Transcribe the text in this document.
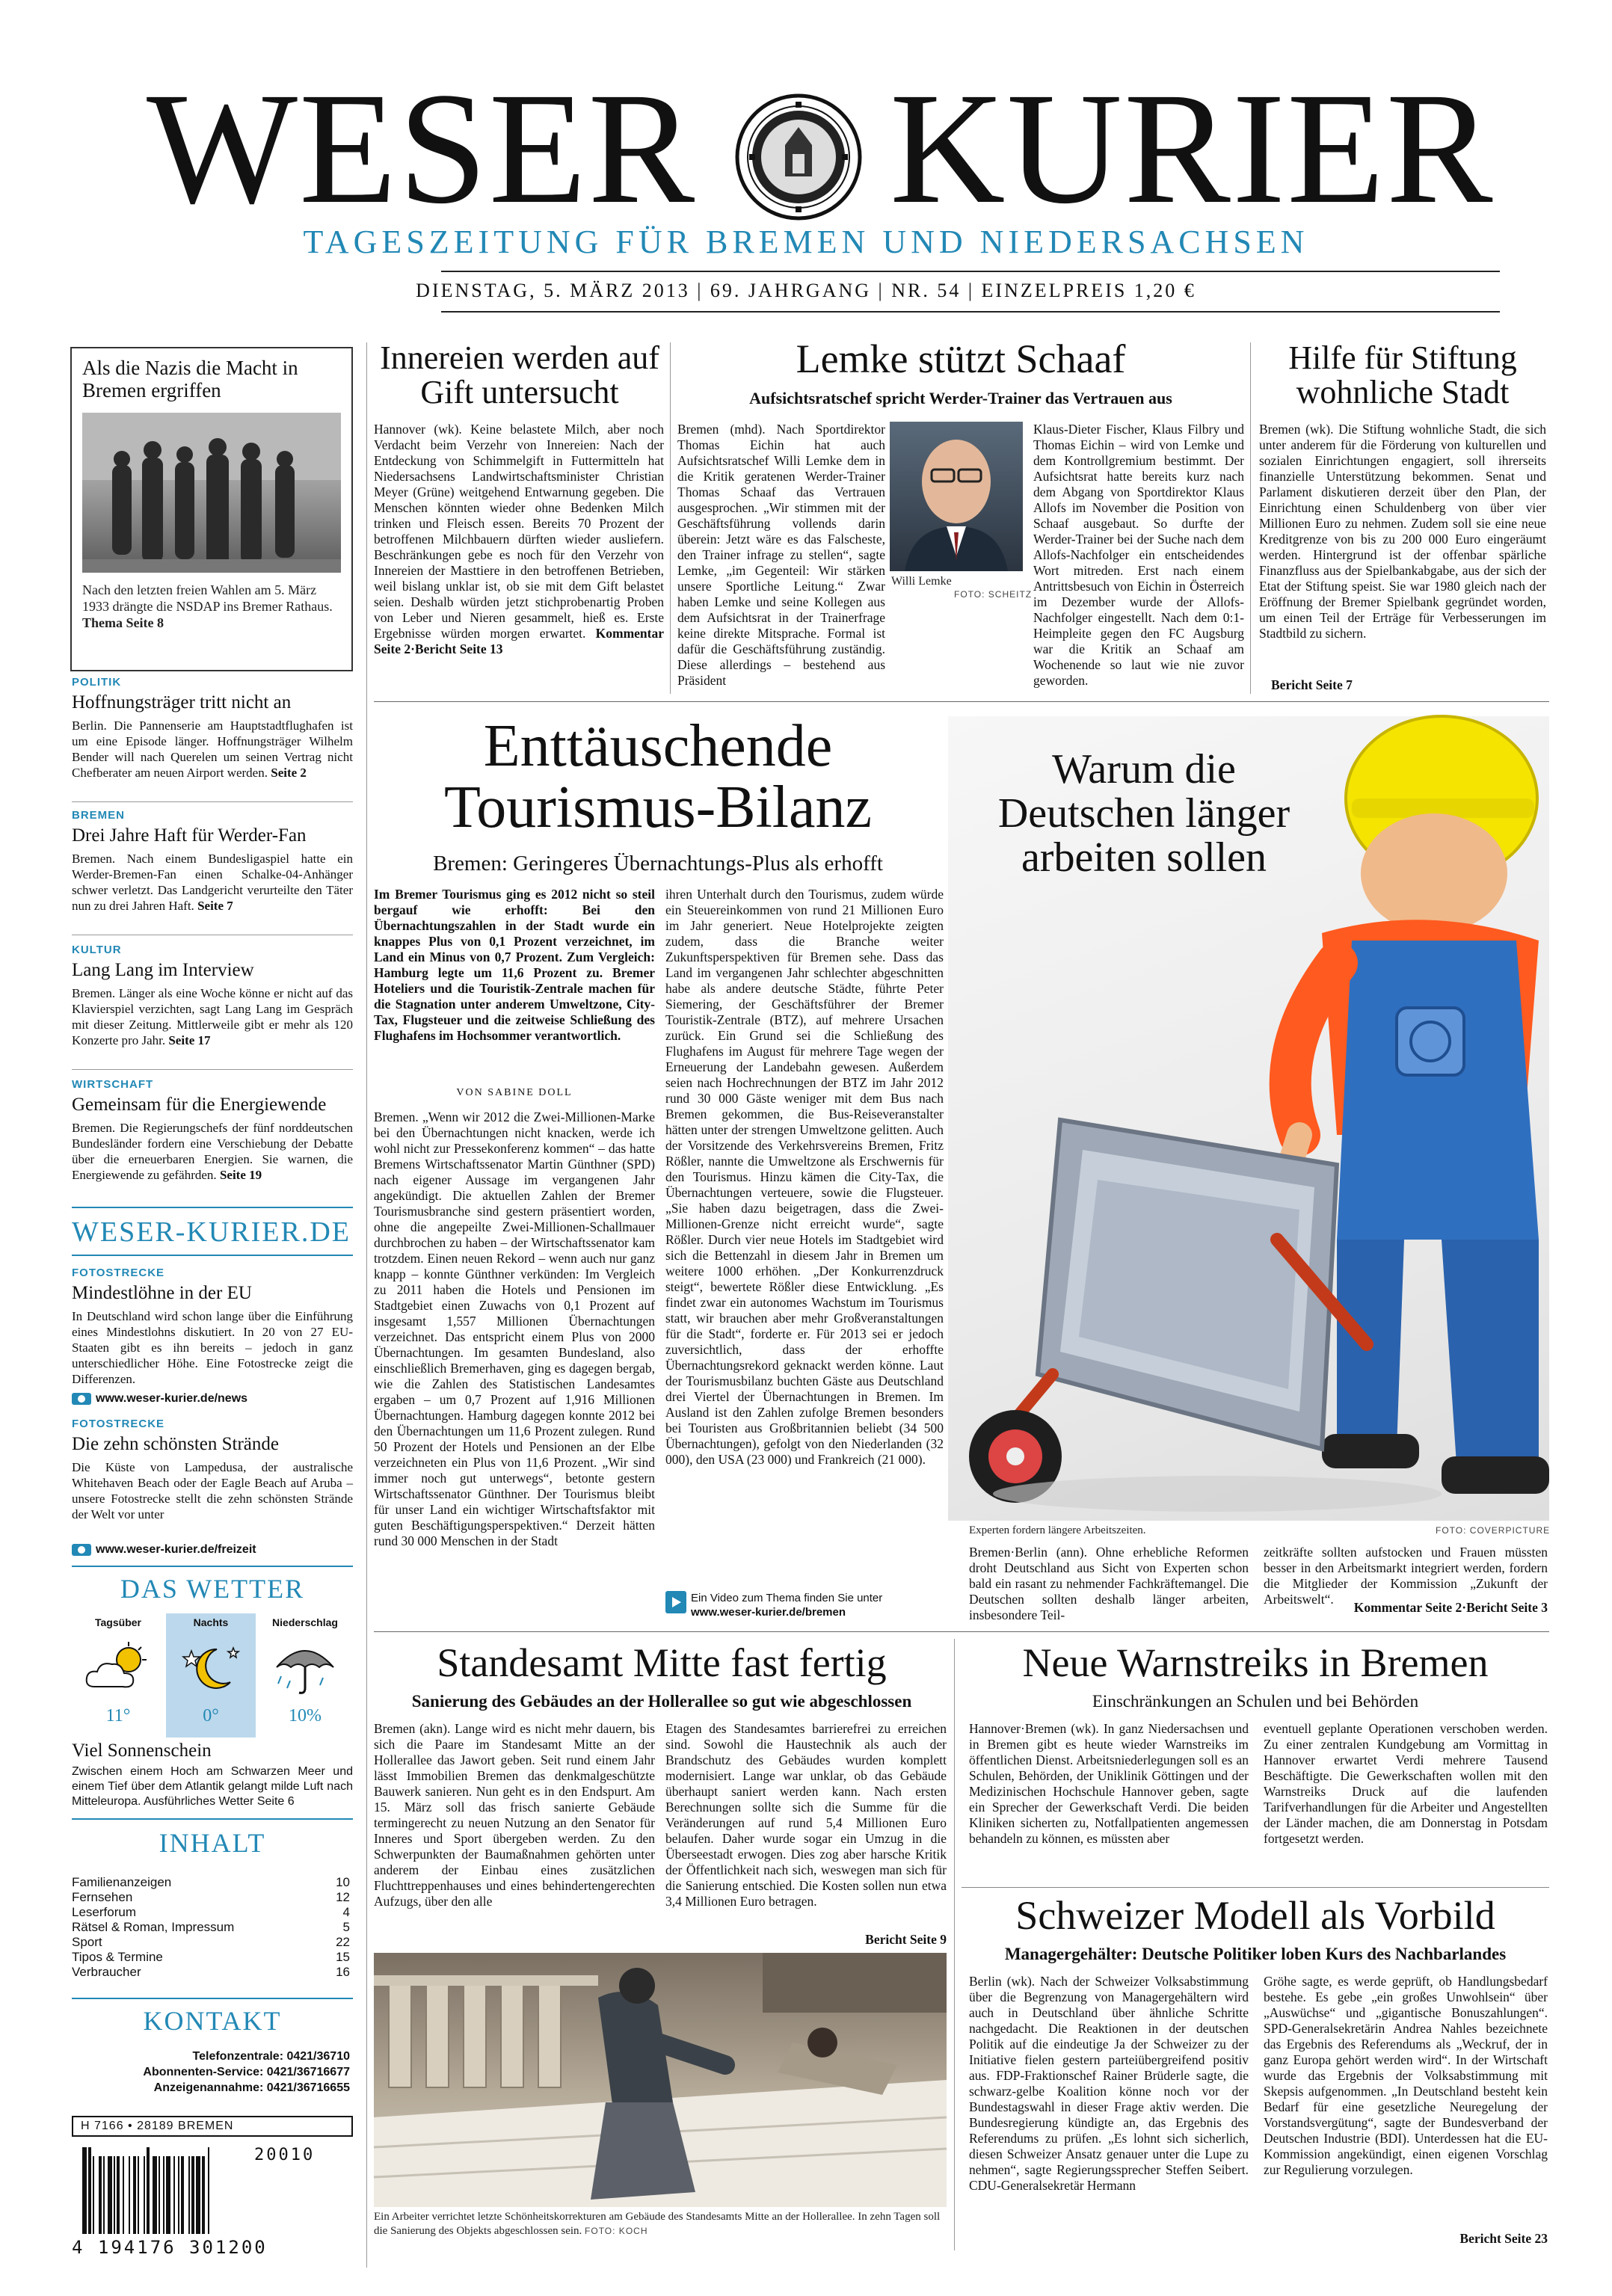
WESER KURIER
TAGESZEITUNG FÜR BREMEN UND NIEDERSACHSEN
DIENSTAG, 5. MÄRZ 2013 | 69. JAHRGANG | NR. 54 | EINZELPREIS 1,20 €
Als die Nazis die Macht in Bremen ergriffen
Nach den letzten freien Wahlen am 5. März 1933 drängte die NSDAP ins Bremer Rathaus. Thema Seite 8
POLITIK
Hoffnungsträger tritt nicht an
Berlin. Die Pannenserie am Hauptstadtflughafen ist um eine Episode länger. Hoffnungsträger Wilhelm Bender will nach Querelen um seinen Vertrag nicht Chefberater am neuen Airport werden. Seite 2
BREMEN
Drei Jahre Haft für Werder-Fan
Bremen. Nach einem Bundesligaspiel hatte ein Werder-Bremen-Fan einen Schalke-04-Anhänger schwer verletzt. Das Landgericht verurteilte den Täter nun zu drei Jahren Haft. Seite 7
KULTUR
Lang Lang im Interview
Bremen. Länger als eine Woche könne er nicht auf das Klavierspiel verzichten, sagt Lang Lang im Gespräch mit dieser Zeitung. Mittlerweile gibt er mehr als 120 Konzerte pro Jahr. Seite 17
WIRTSCHAFT
Gemeinsam für die Energiewende
Bremen. Die Regierungschefs der fünf norddeutschen Bundesländer fordern eine Verschiebung der Debatte über die erneuerbaren Energien. Sie warnen, die Energiewende zu gefährden. Seite 19
WESER-KURIER.DE
FOTOSTRECKE
Mindestlöhne in der EU
In Deutschland wird schon lange über die Einführung eines Mindestlohns diskutiert. In 20 von 27 EU-Staaten gibt es ihn bereits – jedoch in ganz unterschiedlicher Höhe. Eine Fotostrecke zeigt die Differenzen.
www.weser-kurier.de/news
FOTOSTRECKE
Die zehn schönsten Strände
Die Küste von Lampedusa, der australische Whitehaven Beach oder der Eagle Beach auf Aruba – unsere Fotostrecke stellt die zehn schönsten Strände der Welt vor unter
www.weser-kurier.de/freizeit
DAS WETTER
Tagsüber	Nachts	Niederschlag
11°	0°	10%
Viel Sonnenschein
Zwischen einem Hoch am Schwarzen Meer und einem Tief über dem Atlantik gelangt milde Luft nach Mitteleuropa. Ausführliches Wetter Seite 6
INHALT
Familienanzeigen	10
Fernsehen	12
Leserforum	4
Rätsel & Roman, Impressum	5
Sport	22
Tipos & Termine	15
Verbraucher	16
KONTAKT
Telefonzentrale: 0421/36710
Abonnenten-Service: 0421/36716677
Anzeigenannahme: 0421/36716655
H 7166 • 28189 BREMEN
20010
4 194176 301200
Innereien werden auf Gift untersucht
Hannover (wk). Keine belastete Milch, aber noch Verdacht beim Verzehr von Innereien: Nach der Entdeckung von Schimmelgift in Futtermitteln hat Niedersachsens Landwirtschaftsminister Christian Meyer (Grüne) weitgehend Entwarnung gegeben. Die Menschen könnten wieder ohne Bedenken Milch trinken und Fleisch essen. Bereits 70 Prozent der betroffenen Milchbauern dürften wieder ausliefern. Beschränkungen gebe es noch für den Verzehr von Innereien der Masttiere in den betroffenen Betrieben, weil bislang unklar ist, ob sie mit dem Gift belastet seien. Deshalb würden jetzt stichprobenartig Proben von Leber und Nieren gesammelt, hieß es. Erste Ergebnisse würden morgen erwartet. Kommentar Seite 2·Bericht Seite 13
Lemke stützt Schaaf
Aufsichtsratschef spricht Werder-Trainer das Vertrauen aus
Bremen (mhd). Nach Sportdirektor Thomas Eichin hat auch Aufsichtsratschef Willi Lemke dem in die Kritik geratenen Werder-Trainer Thomas Schaaf das Vertrauen ausgesprochen. „Wir stimmen mit der Geschäftsführung vollends darin überein: Jetzt wäre es das Falscheste, den Trainer infrage zu stellen“, sagte Lemke, „im Gegenteil: Wir stärken unsere Sportliche Leitung.“ Zwar haben Lemke und seine Kollegen aus dem Aufsichtsrat in der Trainerfrage keine direkte Mitsprache. Formal ist dafür die Geschäftsführung zuständig. Diese allerdings – bestehend aus Präsident
Willi Lemke
FOTO: SCHEITZ
Klaus-Dieter Fischer, Klaus Filbry und Thomas Eichin – wird von Lemke und dem Kontrollgremium bestimmt. Der Aufsichtsrat hatte bereits kurz nach dem Abgang von Sportdirektor Klaus Allofs im November die Position von Schaaf ausgebaut. So durfte der Werder-Trainer bei der Suche nach dem Allofs-Nachfolger ein entscheidendes Wort mitreden. Erst nach einem Antrittsbesuch von Eichin in Österreich im Dezember wurde der Allofs-Nachfolger eingestellt. Nach dem 0:1-Heimpleite gegen den FC Augsburg war die Kritik an Schaaf am Wochenende so laut wie nie zuvor geworden.
Hilfe für Stiftung wohnliche Stadt
Bremen (wk). Die Stiftung wohnliche Stadt, die sich unter anderem für die Förderung von kulturellen und sozialen Einrichtungen engagiert, soll ihrerseits finanzielle Unterstützung bekommen. Senat und Parlament diskutieren derzeit über den Plan, der Einrichtung einen Schuldenberg von über vier Millionen Euro zu nehmen. Zudem soll sie eine neue Kreditgrenze von bis zu 200 000 Euro eingeräumt werden. Hintergrund ist der offenbar spärliche Finanzfluss aus der Spielbankabgabe, aus der sich der Etat der Stiftung speist. Sie war 1980 gleich nach der Eröffnung der Bremer Spielbank gegründet worden, um einen Teil der Erträge für Verbesserungen im Stadtbild zu sichern.
Bericht Seite 7
Enttäuschende
Tourismus-Bilanz
Bremen: Geringeres Übernachtungs-Plus als erhofft
Im Bremer Tourismus ging es 2012 nicht so steil bergauf wie erhofft: Bei den Übernachtungszahlen in der Stadt wurde ein knappes Plus von 0,1 Prozent verzeichnet, im Land ein Minus von 0,7 Prozent. Zum Vergleich: Hamburg legte um 11,6 Prozent zu. Bremer Hoteliers und die Touristik-Zentrale machen für die Stagnation unter anderem Umweltzone, City-Tax, Flugsteuer und die zeitweise Schließung des Flughafens im Hochsommer verantwortlich.
VON SABINE DOLL
Bremen. „Wenn wir 2012 die Zwei-Millionen-Marke bei den Übernachtungen nicht knacken, werde ich wohl nicht zur Pressekonferenz kommen“ – das hatte Bremens Wirtschaftssenator Martin Günthner (SPD) nach eigener Aussage im vergangenen Jahr angekündigt. Die aktuellen Zahlen der Bremer Tourismusbranche sind gestern präsentiert worden, ohne die angepeilte Zwei-Millionen-Schallmauer durchbrochen zu haben – der Wirtschaftssenator kam trotzdem. Einen neuen Rekord – wenn auch nur ganz knapp – konnte Günthner verkünden: Im Vergleich zu 2011 haben die Hotels und Pensionen im Stadtgebiet einen Zuwachs von 0,1 Prozent auf insgesamt 1,557 Millionen Übernachtungen verzeichnet. Das entspricht einem Plus von 2000 Übernachtungen. Im gesamten Bundesland, also einschließlich Bremerhaven, ging es dagegen bergab, wie die Zahlen des Statistischen Landesamtes ergaben – um 0,7 Prozent auf 1,916 Millionen Übernachtungen. Hamburg dagegen konnte 2012 bei den Übernachtungen um 11,6 Prozent zulegen. Rund 50 Prozent der Hotels und Pensionen an der Elbe verzeichneten ein Plus von 11,6 Prozent. „Wir sind immer noch gut unterwegs“, betonte gestern Wirtschaftssenator Günthner. Der Tourismus bleibt für unser Land ein wichtiger Wirtschaftsfaktor mit guten Beschäftigungsperspektiven.“ Derzeit hätten rund 30 000 Menschen in der Stadt
ihren Unterhalt durch den Tourismus, zudem würde ein Steuereinkommen von rund 21 Millionen Euro im Jahr generiert. Neue Hotelprojekte zeigten zudem, dass die Branche weiter Zukunftsperspektiven für Bremen sehe. Dass das Land im vergangenen Jahr schlechter abgeschnitten habe als andere deutsche Städte, führte Peter Siemering, der Geschäftsführer der Bremer Touristik-Zentrale (BTZ), auf mehrere Ursachen zurück. Ein Grund sei die Schließung des Flughafens im August für mehrere Tage wegen der Erneuerung der Landebahn gewesen. Außerdem seien nach Hochrechnungen der BTZ im Jahr 2012 rund 30 000 Gäste weniger mit dem Bus nach Bremen gekommen, die Bus-Reiseveranstalter hätten unter der strengen Umweltzone gelitten. Auch der Vorsitzende des Verkehrsvereins Bremen, Fritz Rößler, nannte die Umweltzone als Erschwernis für den Tourismus. Hinzu kämen die City-Tax, die Übernachtungen verteuere, sowie die Flugsteuer. „Sie haben dazu beigetragen, dass die Zwei-Millionen-Grenze nicht erreicht wurde“, sagte Rößler. Durch vier neue Hotels im Stadtgebiet wird sich die Bettenzahl in diesem Jahr in Bremen um weitere 1000 erhöhen. „Der Konkurrenzdruck steigt“, bewertete Rößler diese Entwicklung. „Es findet zwar ein autonomes Wachstum im Tourismus statt, wir brauchen aber mehr Großveranstaltungen für die Stadt“, forderte er. Für 2013 sei er jedoch zuversichtlich, dass der erhoffte Übernachtungsrekord geknackt werden könne. Laut der Tourismusbilanz buchten Gäste aus Deutschland drei Viertel der Übernachtungen in Bremen. Im Ausland ist den Zahlen zufolge Bremen besonders bei Touristen aus Großbritannien beliebt (34 500 Übernachtungen), gefolgt von den Niederlanden (32 000), den USA (23 000) und Frankreich (21 000).
Ein Video zum Thema finden Sie unter
www.weser-kurier.de/bremen
Warum die Deutschen länger arbeiten sollen
Experten fordern längere Arbeitszeiten.	FOTO: COVERPICTURE
Bremen·Berlin (ann). Ohne erhebliche Reformen droht Deutschland aus Sicht von Experten schon bald ein rasant zu nehmender Fachkräftemangel. Die Deutschen sollten deshalb länger arbeiten, insbesondere Teil-
zeitkräfte sollten aufstocken und Frauen müssten besser in den Arbeitsmarkt integriert werden, fordern die Mitglieder der Kommission „Zukunft der Arbeitswelt“.
Kommentar Seite 2·Bericht Seite 3
Standesamt Mitte fast fertig
Sanierung des Gebäudes an der Hollerallee so gut wie abgeschlossen
Bremen (akn). Lange wird es nicht mehr dauern, bis sich die Paare im Standesamt Mitte an der Hollerallee das Jawort geben. Seit rund einem Jahr lässt Immobilien Bremen das denkmalgeschützte Bauwerk sanieren. Nun geht es in den Endspurt. Am 15. März soll das frisch sanierte Gebäude termingerecht zu neuen Nutzung an den Senator für Inneres und Sport übergeben werden. Zu den Schwerpunkten der Baumaßnahmen gehörten unter anderem der Einbau eines zusätzlichen Fluchttreppenhauses und eines behindertengerechten Aufzugs, über den alle
Etagen des Standesamtes barrierefrei zu erreichen sind. Sowohl die Haustechnik als auch der Brandschutz des Gebäudes wurden komplett modernisiert. Lange war unklar, ob das Gebäude überhaupt saniert werden kann. Nach ersten Berechnungen sollte sich die Summe für die Veränderungen auf rund 5,4 Millionen Euro belaufen. Daher wurde sogar ein Umzug in die Überseestadt erwogen. Dies zog aber harsche Kritik der Öffentlichkeit nach sich, weswegen man sich für die Sanierung entschied. Die Kosten sollen nun etwa 3,4 Millionen Euro betragen.
Bericht Seite 9
Ein Arbeiter verrichtet letzte Schönheitskorrekturen am Gebäude des Standesamts Mitte an der Hollerallee. In zehn Tagen soll die Sanierung des Objekts abgeschlossen sein. FOTO: KOCH
Neue Warnstreiks in Bremen
Einschränkungen an Schulen und bei Behörden
Hannover·Bremen (wk). In ganz Niedersachsen und in Bremen gibt es heute wieder Warnstreiks im öffentlichen Dienst. Arbeitsniederlegungen soll es an Schulen, Behörden, der Uniklinik Göttingen und der Medizinischen Hochschule Hannover geben, sagte ein Sprecher der Gewerkschaft Verdi. Die beiden Kliniken sicherten zu, Notfallpatienten angemessen behandeln zu können, es müssten aber
eventuell geplante Operationen verschoben werden. Zu einer zentralen Kundgebung am Vormittag in Hannover erwartet Verdi mehrere Tausend Beschäftigte. Die Gewerkschaften wollen mit den Warnstreiks Druck auf die laufenden Tarifverhandlungen für die Arbeiter und Angestellten der Länder machen, die am Donnerstag in Potsdam fortgesetzt werden.
Schweizer Modell als Vorbild
Managergehälter: Deutsche Politiker loben Kurs des Nachbarlandes
Berlin (wk). Nach der Schweizer Volksabstimmung über die Begrenzung von Managergehältern wird auch in Deutschland über ähnliche Schritte nachgedacht. Die Reaktionen in der deutschen Politik auf die eindeutige Ja der Schweizer zu der Initiative fielen gestern parteiübergreifend positiv aus. FDP-Fraktionschef Rainer Brüderle sagte, die schwarz-gelbe Koalition könne noch vor der Bundestagswahl in dieser Frage aktiv werden. Die Bundesregierung kündigte an, das Ergebnis des Referendums zu prüfen. „Es lohnt sich sicherlich, diesen Schweizer Ansatz genauer unter die Lupe zu nehmen“, sagte Regierungssprecher Steffen Seibert. CDU-Generalsekretär Hermann
Gröhe sagte, es werde geprüft, ob Handlungsbedarf bestehe. Es gebe „ein großes Unwohlsein“ über „Auswüchse“ und „gigantische Bonuszahlungen“. SPD-Generalsekretärin Andrea Nahles bezeichnete das Ergebnis des Referendums als „Weckruf, der in ganz Europa gehört werden wird“. In der Wirtschaft wurde das Ergebnis der Volksabstimmung mit Skepsis aufgenommen. „In Deutschland besteht kein Bedarf für eine gesetzliche Neuregelung der Vorstandsvergütung“, sagte der Bundesverband der Deutschen Industrie (BDI). Unterdessen hat die EU-Kommission angekündigt, einen eigenen Vorschlag zur Regulierung vorzulegen.
Bericht Seite 23
